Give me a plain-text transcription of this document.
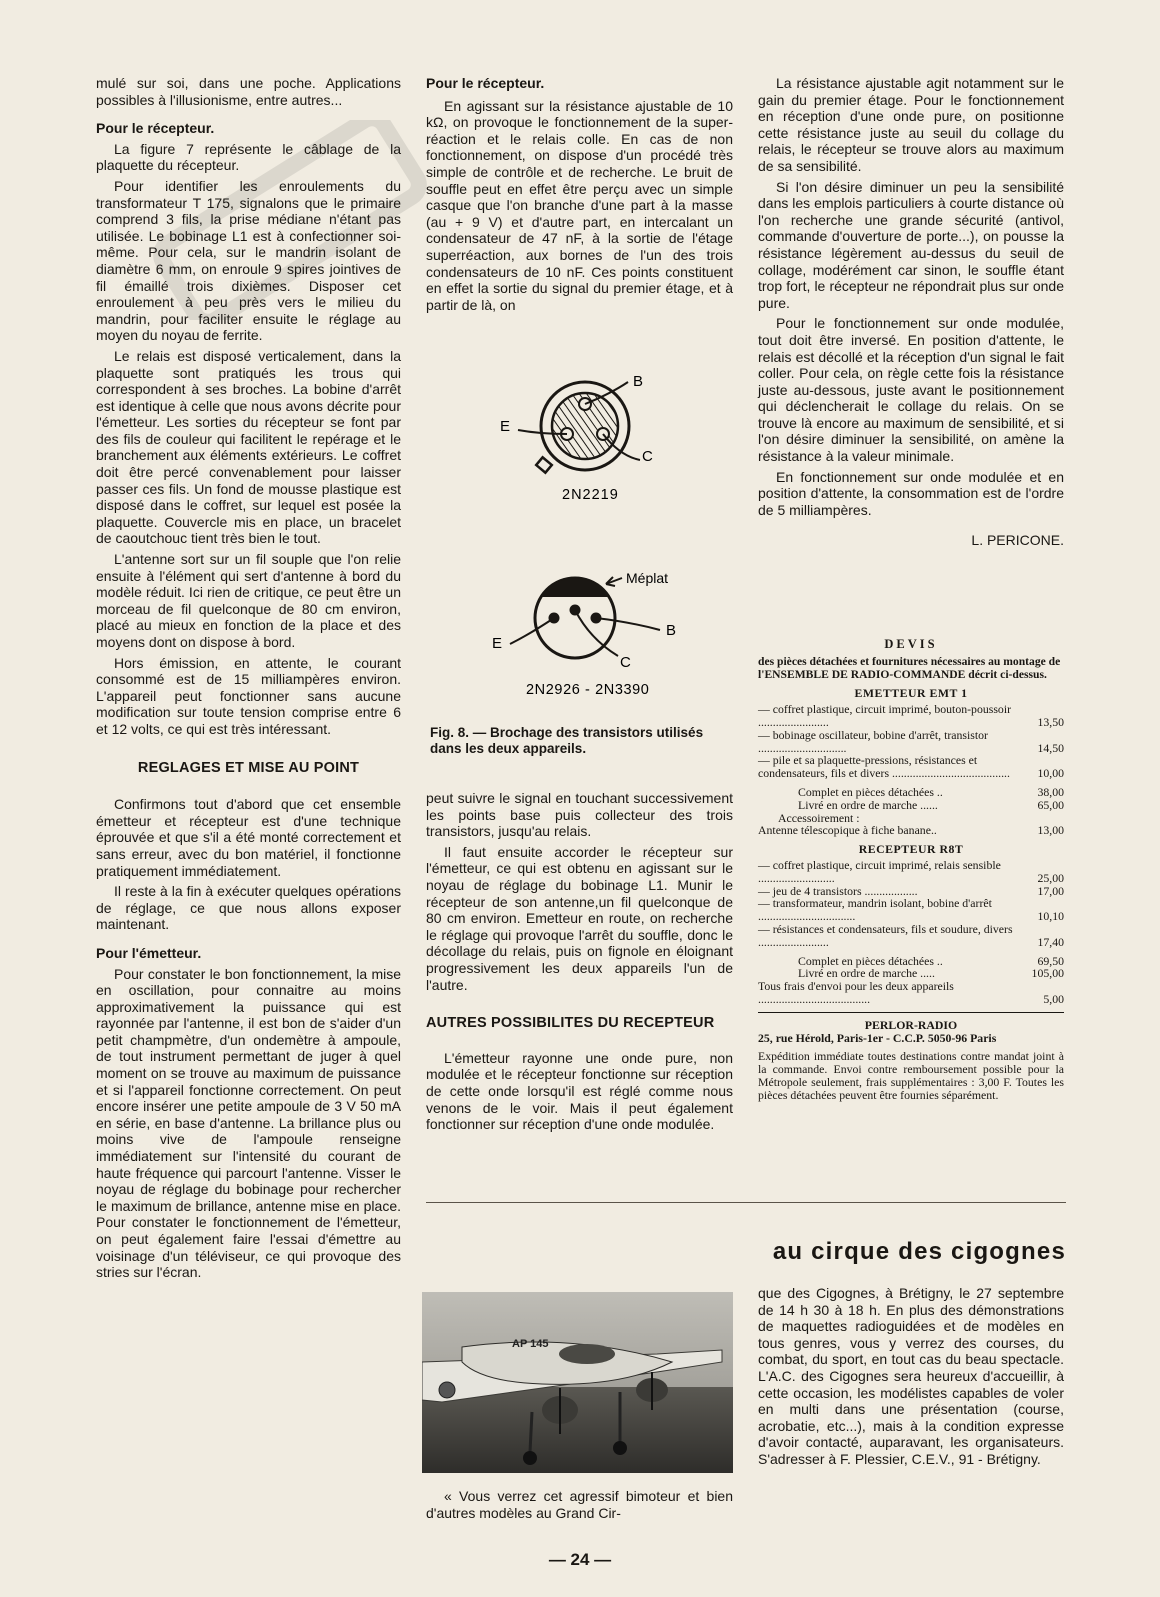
mulé sur soi, dans une poche. Applications possibles à l'illusionisme, entre autres...

Pour le récepteur.

La figure 7 représente le câblage de la plaquette du récepteur.

Pour identifier les enroulements du transformateur T 175, signalons que le primaire comprend 3 fils, la prise médiane n'étant pas utilisée. Le bobinage L1 est à confectionner soi-même. Pour cela, sur le mandrin isolant de diamètre 6 mm, on enroule 9 spires jointives de fil émaillé trois dixièmes. Disposer cet enroulement à peu près vers le milieu du mandrin, pour faciliter ensuite le réglage au moyen du noyau de ferrite.

Le relais est disposé verticalement, dans la plaquette sont pratiqués les trous qui correspondent à ses broches. La bobine d'arrêt est identique à celle que nous avons décrite pour l'émetteur. Les sorties du récepteur se font par des fils de couleur qui facilitent le repérage et le branchement aux éléments extérieurs. Le coffret doit être percé convenablement pour laisser passer ces fils. Un fond de mousse plastique est disposé dans le coffret, sur lequel est posée la plaquette. Couvercle mis en place, un bracelet de caoutchouc tient très bien le tout.

L'antenne sort sur un fil souple que l'on relie ensuite à l'élément qui sert d'antenne à bord du modèle réduit. Ici rien de critique, ce peut être un morceau de fil quelconque de 80 cm environ, placé au mieux en fonction de la place et des moyens dont on dispose à bord.

Hors émission, en attente, le courant consommé est de 15 milliampères environ. L'appareil peut fonctionner sans aucune modification sur toute tension comprise entre 6 et 12 volts, ce qui est très intéressant.

REGLAGES ET MISE AU POINT

Confirmons tout d'abord que cet ensemble émetteur et récepteur est d'une technique éprouvée et que s'il a été monté correctement et sans erreur, avec du bon matériel, il fonctionne pratiquement immédiatement.

Il reste à la fin à exécuter quelques opérations de réglage, ce que nous allons exposer maintenant.

Pour l'émetteur.

Pour constater le bon fonctionnement, la mise en oscillation, pour connaitre au moins approximativement la puissance qui est rayonnée par l'antenne, il est bon de s'aider d'un petit champmètre, d'un ondemètre à ampoule, de tout instrument permettant de juger à quel moment on se trouve au maximum de puissance et si l'appareil fonctionne correctement. On peut encore insérer une petite ampoule de 3 V 50 mA en série, en base d'antenne. La brillance plus ou moins vive de l'ampoule renseigne immédiatement sur l'intensité du courant de haute fréquence qui parcourt l'antenne. Visser le noyau de réglage du bobinage pour rechercher le maximum de brillance, antenne mise en place. Pour constater le fonctionnement de l'émetteur, on peut également faire l'essai d'émettre au voisinage d'un téléviseur, ce qui provoque des stries sur l'écran.

Pour le récepteur.

En agissant sur la résistance ajustable de 10 kΩ, on provoque le fonctionnement de la super-réaction et le relais colle. En cas de non fonctionnement, on dispose d'un procédé très simple de contrôle et de recherche. Le bruit de souffle peut en effet être perçu avec un simple casque que l'on branche d'une part à la masse (au + 9 V) et d'autre part, en intercalant un condensateur de 47 nF, à la sortie de l'étage superréaction, aux bornes de l'un des trois condensateurs de 10 nF. Ces points constituent en effet la sortie du signal du premier étage, et à partir de là, on

B
E
C
2N2219
Méplat
B
E
C
2N2926 - 2N3390
Fig. 8. — Brochage des transistors utilisés dans les deux appareils.

peut suivre le signal en touchant successivement les points base puis collecteur des trois transistors, jusqu'au relais.

Il faut ensuite accorder le récepteur sur l'émetteur, ce qui est obtenu en agissant sur le noyau de réglage du bobinage L1. Munir le récepteur de son antenne,un fil quelconque de 80 cm environ. Emetteur en route, on recherche le réglage qui provoque l'arrêt du souffle, donc le décollage du relais, puis on fignole en éloignant progressivement les deux appareils l'un de l'autre.

AUTRES POSSIBILITES DU RECEPTEUR

L'émetteur rayonne une onde pure, non modulée et le récepteur fonctionne sur réception de cette onde lorsqu'il est réglé comme nous venons de le voir. Mais il peut également fonctionner sur réception d'une onde modulée.

La résistance ajustable agit notamment sur le gain du premier étage. Pour le fonctionnement en réception d'une onde pure, on positionne cette résistance juste au seuil du collage du relais, le récepteur se trouve alors au maximum de sa sensibilité.

Si l'on désire diminuer un peu la sensibilité dans les emplois particuliers à courte distance où l'on recherche une grande sécurité (antivol, commande d'ouverture de porte...), on pousse la résistance légèrement au-dessus du seuil de collage, modérément car sinon, le souffle étant trop fort, le récepteur ne répondrait plus sur onde pure.

Pour le fonctionnement sur onde modulée, tout doit être inversé. En position d'attente, le relais est décollé et la réception d'un signal le fait coller. Pour cela, on règle cette fois la résistance juste au-dessous, juste avant le positionnement qui déclencherait le collage du relais. On se trouve là encore au maximum de sensibilité, et si l'on désire diminuer la sensibilité, on amène la résistance à la valeur minimale.

En fonctionnement sur onde modulée et en position d'attente, la consommation est de l'ordre de 5 milliampères.

L. PERICONE.

DEVIS
des pièces détachées et fournitures nécessaires au montage de l'ENSEMBLE DE RADIO-COMMANDE décrit ci-dessus.
EMETTEUR EMT 1
— coffret plastique, circuit imprimé, bouton-poussoir ........................	13,50
— bobinage oscillateur, bobine d'arrêt, transistor ..............................	14,50
— pile et sa plaquette-pressions, résistances et condensateurs, fils et divers ........................................	10,00
Complet en pièces détachées ..	38,00
Livré en ordre de marche ......	65,00
Accessoirement :
Antenne télescopique à fiche banane..	13,00
RECEPTEUR R8T
— coffret plastique, circuit imprimé, relais sensible ..........................	25,00
— jeu de 4 transistors ..................	17,00
— transformateur, mandrin isolant, bobine d'arrêt .................................	10,10
— résistances et condensateurs, fils et soudure, divers ........................	17,40
Complet en pièces détachées ..	69,50
Livré en ordre de marche .....	105,00
Tous frais d'envoi pour les deux appareils ......................................	5,00
PERLOR-RADIO
25, rue Hérold, Paris-1er - C.C.P. 5050-96 Paris
Expédition immédiate toutes destinations contre mandat joint à la commande. Envoi contre remboursement possible pour la Métropole seulement, frais supplémentaires : 3,00 F. Toutes les pièces détachées peuvent être fournies séparément.
au cirque des cigognes
AP 145

« Vous verrez cet agressif bimoteur et bien d'autres modèles au Grand Cir-

que des Cigognes, à Brétigny, le 27 septembre de 14 h 30 à 18 h. En plus des démonstrations de maquettes radioguidées et de modèles en tous genres, vous y verrez des courses, du combat, du sport, en tout cas du beau spectacle. L'A.C. des Cigognes sera heureux d'accueillir, à cette occasion, les modélistes capables de voler en multi dans une présentation (course, acrobatie, etc...), mais à la condition expresse d'avoir contacté, auparavant, les organisateurs. S'adresser à F. Plessier, C.E.V., 91 - Brétigny.

— 24 —
